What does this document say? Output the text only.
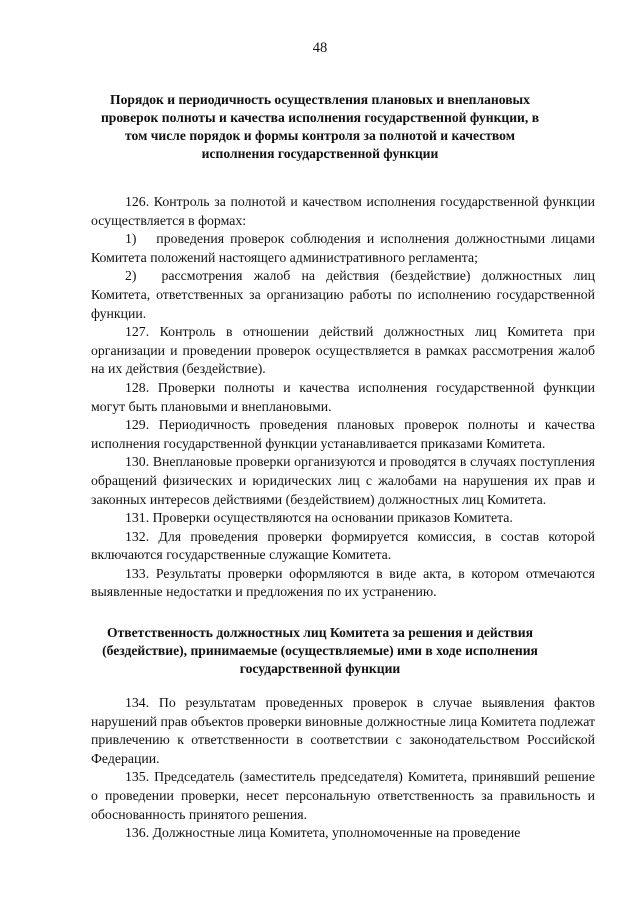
48
Порядок и периодичность осуществления плановых и внеплановых проверок полноты и качества исполнения государственной функции, в том числе порядок и формы контроля за полнотой и качеством исполнения государственной функции

126. Контроль за полнотой и качеством исполнения государственной функции осуществляется в формах:

1)  проведения проверок соблюдения и исполнения должностными лицами Комитета положений настоящего административного регламента;

2)  рассмотрения жалоб на действия (бездействие) должностных лиц Комитета, ответственных за организацию работы по исполнению государственной функции.

127. Контроль в отношении действий должностных лиц Комитета при организации и проведении проверок осуществляется в рамках рассмотрения жалоб на их действия (бездействие).

128. Проверки полноты и качества исполнения государственной функции могут быть плановыми и внеплановыми.

129. Периодичность проведения плановых проверок полноты и качества исполнения государственной функции устанавливается приказами Комитета.

130. Внеплановые проверки организуются и проводятся в случаях поступления обращений физических и юридических лиц с жалобами на нарушения их прав и законных интересов действиями (бездействием) должностных лиц Комитета.

131. Проверки осуществляются на основании приказов Комитета.

132. Для проведения проверки формируется комиссия, в состав которой включаются государственные служащие Комитета.

133. Результаты проверки оформляются в виде акта, в котором отмечаются выявленные недостатки и предложения по их устранению.

Ответственность должностных лиц Комитета за решения и действия (бездействие), принимаемые (осуществляемые) ими в ходе исполнения государственной функции

134. По результатам проведенных проверок в случае выявления фактов нарушений прав объектов проверки виновные должностные лица Комитета подлежат привлечению к ответственности в соответствии с законодательством Российской Федерации.

135. Председатель (заместитель председателя) Комитета, принявший решение о проведении проверки, несет персональную ответственность за правильность и обоснованность принятого решения.

136. Должностные лица Комитета, уполномоченные на проведение
